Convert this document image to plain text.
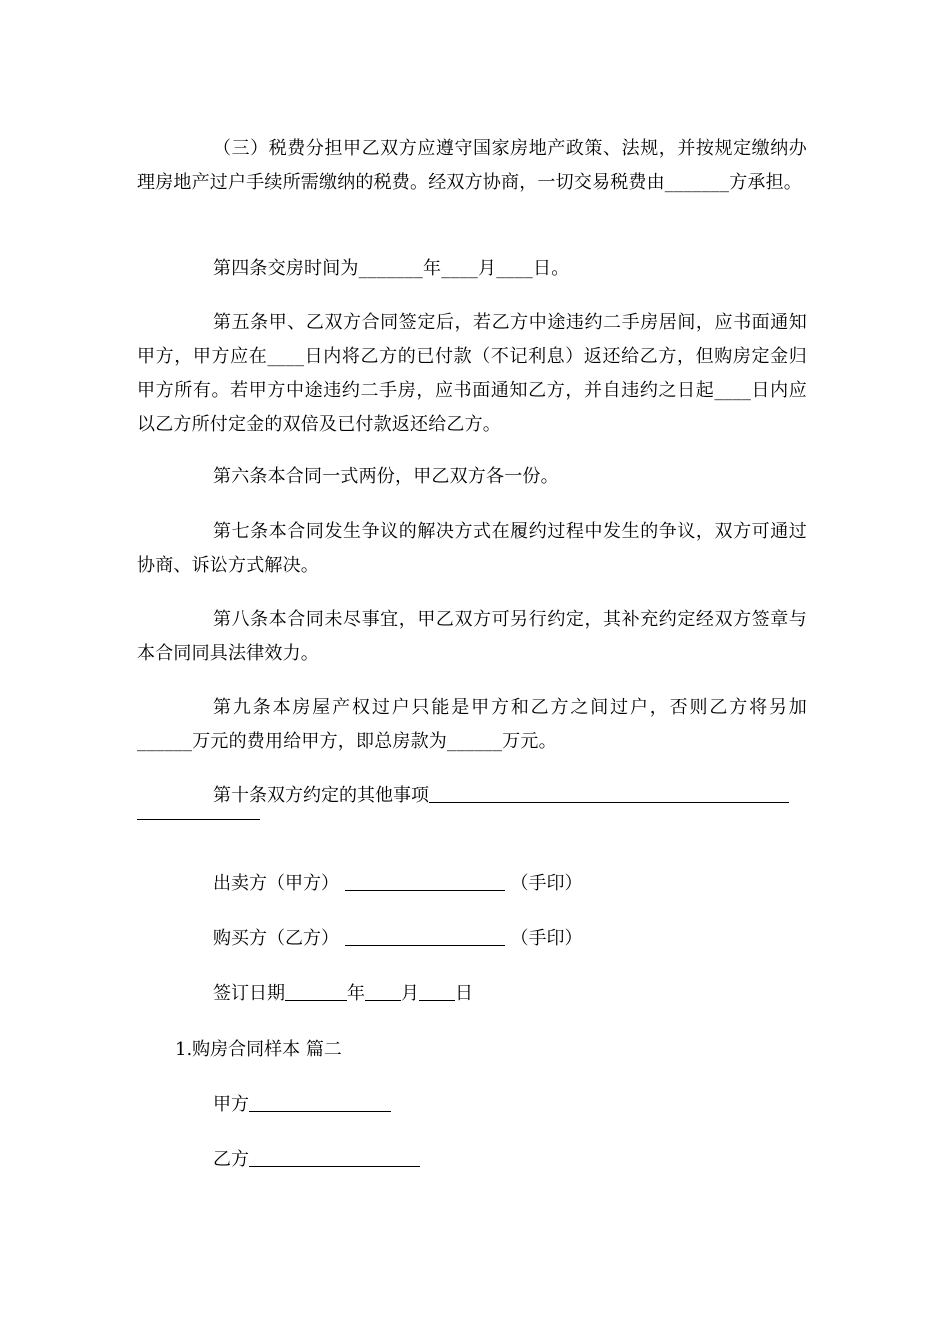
（三）税费分担甲乙双方应遵守国家房地产政策、法规，并按规定缴纳办理房地产过户手续所需缴纳的税费。经双方协商，一切交易税费由_______方承担。

第四条交房时间为_______年____月____日。

第五条甲、乙双方合同签定后，若乙方中途违约二手房居间，应书面通知甲方，甲方应在____日内将乙方的已付款（不记利息）返还给乙方，但购房定金归甲方所有。若甲方中途违约二手房，应书面通知乙方，并自违约之日起____日内应以乙方所付定金的双倍及已付款返还给乙方。

第六条本合同一式两份，甲乙双方各一份。

第七条本合同发生争议的解决方式在履约过程中发生的争议，双方可通过协商、诉讼方式解决。

第八条本合同未尽事宜，甲乙双方可另行约定，其补充约定经双方签章与本合同同具法律效力。

第九条本房屋产权过户只能是甲方和乙方之间过户，否则乙方将另加______万元的费用给甲方，即总房款为______万元。

第十条双方约定的其他事项

出卖方（甲方）	（手印）

购买方（乙方）	（手印）

签订日期	年 月 日

1.购房合同样本 篇二

甲方

乙方
